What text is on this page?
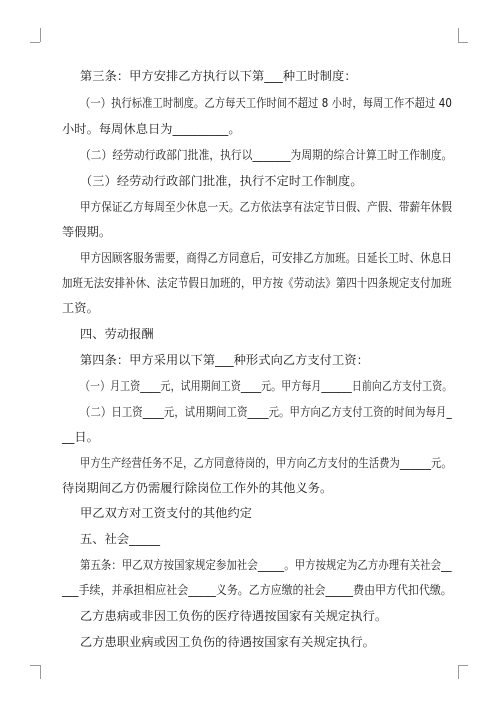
第三条：甲方安排乙方执行以下第___种工时制度：
（一）执行标准工时制度。乙方每天工作时间不超过 8 小时，每周工作不超过 40
小时。每周休息日为_________。
（二）经劳动行政部门批准，执行以_______为周期的综合计算工时工作制度。
（三）经劳动行政部门批准，执行不定时工作制度。
甲方保证乙方每周至少休息一天。乙方依法享有法定节日假、产假、带薪年休假
等假期。
甲方因顾客服务需要，商得乙方同意后，可安排乙方加班。日延长工时、休息日
加班无法安排补休、法定节假日加班的，甲方按《劳动法》第四十四条规定支付加班
工资。
四、劳动报酬
第四条：甲方采用以下第___种形式向乙方支付工资：
（一）月工资____元，试用期间工资____元。甲方每月______日前向乙方支付工资。
（二）日工资____元，试用期间工资____元。甲方向乙方支付工资的时间为每月_
__日。
甲方生产经营任务不足，乙方同意待岗的，甲方向乙方支付的生活费为______元。
待岗期间乙方仍需履行除岗位工作外的其他义务。
甲乙双方对工资支付的其他约定
五、社会_____
第五条：甲乙双方按国家规定参加社会_____。甲方按规定为乙方办理有关社会__
___手续，并承担相应社会_____义务。乙方应缴的社会_____费由甲方代扣代缴。
乙方患病或非因工负伤的医疗待遇按国家有关规定执行。
乙方患职业病或因工负伤的待遇按国家有关规定执行。
